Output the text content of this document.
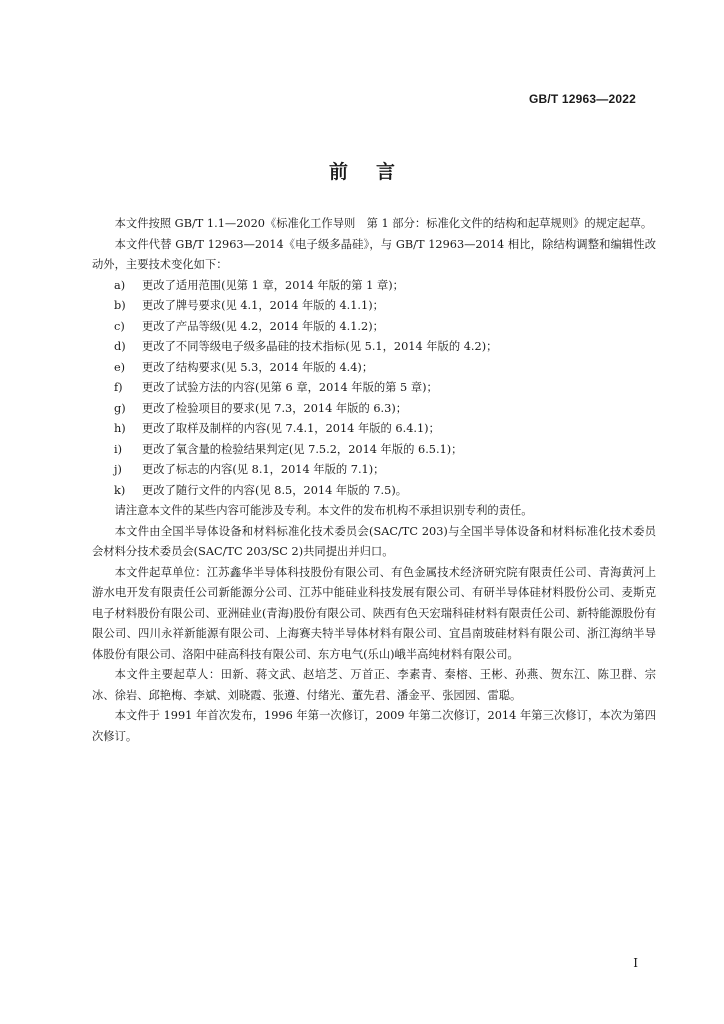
GB/T 12963—2022
前言

本文件按照 GB/T 1.1—2020《标准化工作导则　第 1 部分：标准化文件的结构和起草规则》的规定起草。

本文件代替 GB/T 12963—2014《电子级多晶硅》，与 GB/T 12963—2014 相比，除结构调整和编辑性改动外，主要技术变化如下：

a) 更改了适用范围(见第 1 章，2014 年版的第 1 章)；
b) 更改了牌号要求(见 4.1，2014 年版的 4.1.1)；
c) 更改了产品等级(见 4.2，2014 年版的 4.1.2)；
d) 更改了不同等级电子级多晶硅的技术指标(见 5.1，2014 年版的 4.2)；
e) 更改了结构要求(见 5.3，2014 年版的 4.4)；
f) 更改了试验方法的内容(见第 6 章，2014 年版的第 5 章)；
g) 更改了检验项目的要求(见 7.3，2014 年版的 6.3)；
h) 更改了取样及制样的内容(见 7.4.1，2014 年版的 6.4.1)；
i) 更改了氧含量的检验结果判定(见 7.5.2，2014 年版的 6.5.1)；
j) 更改了标志的内容(见 8.1，2014 年版的 7.1)；
k) 更改了随行文件的内容(见 8.5，2014 年版的 7.5)。

请注意本文件的某些内容可能涉及专利。本文件的发布机构不承担识别专利的责任。

本文件由全国半导体设备和材料标准化技术委员会(SAC/TC 203)与全国半导体设备和材料标准化技术委员会材料分技术委员会(SAC/TC 203/SC 2)共同提出并归口。

本文件起草单位：江苏鑫华半导体科技股份有限公司、有色金属技术经济研究院有限责任公司、青海黄河上游水电开发有限责任公司新能源分公司、江苏中能硅业科技发展有限公司、有研半导体硅材料股份公司、麦斯克电子材料股份有限公司、亚洲硅业(青海)股份有限公司、陕西有色天宏瑞科硅材料有限责任公司、新特能源股份有限公司、四川永祥新能源有限公司、上海赛夫特半导体材料有限公司、宜昌南玻硅材料有限公司、浙江海纳半导体股份有限公司、洛阳中硅高科技有限公司、东方电气(乐山)峨半高纯材料有限公司。

本文件主要起草人：田新、蒋文武、赵培芝、万首正、李素青、秦榕、王彬、孙燕、贺东江、陈卫群、宗冰、徐岩、邱艳梅、李斌、刘晓霞、张遵、付绪光、董先君、潘金平、张园园、雷聪。

本文件于 1991 年首次发布，1996 年第一次修订，2009 年第二次修订，2014 年第三次修订，本次为第四次修订。

I
